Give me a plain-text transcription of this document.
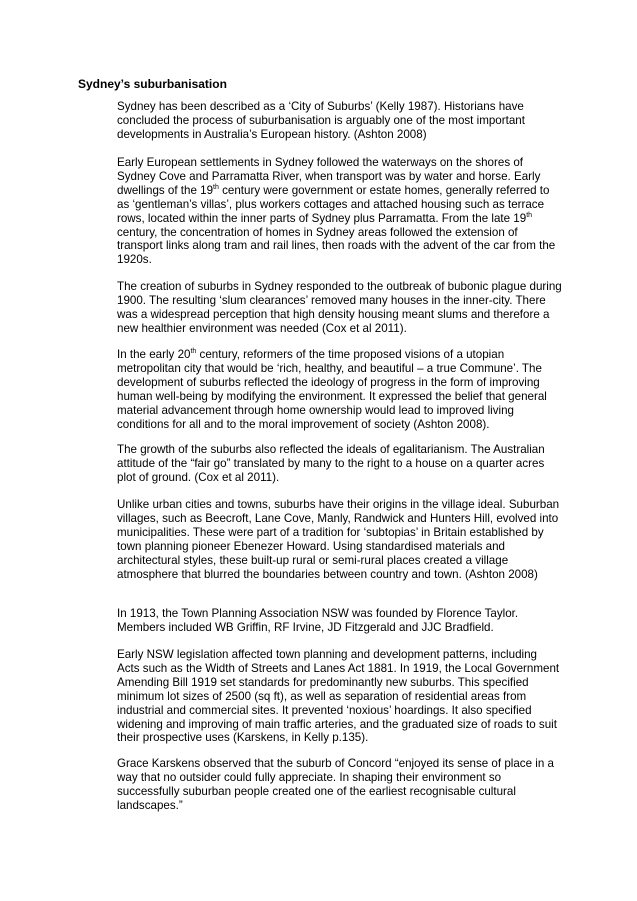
Sydney’s suburbanisation

Sydney has been described as a ‘City of Suburbs’ (Kelly 1987). Historians have concluded the process of suburbanisation is arguably one of the most important developments in Australia’s European history. (Ashton 2008)

Early European settlements in Sydney followed the waterways on the shores of Sydney Cove and Parramatta River, when transport was by water and horse. Early dwellings of the 19th century were government or estate homes, generally referred to as ‘gentleman’s villas’, plus workers cottages and attached housing such as terrace rows, located within the inner parts of Sydney plus Parramatta. From the late 19th century, the concentration of homes in Sydney areas followed the extension of transport links along tram and rail lines, then roads with the advent of the car from the 1920s.

The creation of suburbs in Sydney responded to the outbreak of bubonic plague during 1900. The resulting ‘slum clearances’ removed many houses in the inner-city. There was a widespread perception that high density housing meant slums and therefore a new healthier environment was needed (Cox et al 2011).

In the early 20th century, reformers of the time proposed visions of a utopian metropolitan city that would be ‘rich, healthy, and beautiful – a true Commune’. The development of suburbs reflected the ideology of progress in the form of improving human well-being by modifying the environment. It expressed the belief that general material advancement through home ownership would lead to improved living conditions for all and to the moral improvement of society (Ashton 2008).

The growth of the suburbs also reflected the ideals of egalitarianism. The Australian attitude of the “fair go” translated by many to the right to a house on a quarter acres plot of ground. (Cox et al 2011).

Unlike urban cities and towns, suburbs have their origins in the village ideal. Suburban villages, such as Beecroft, Lane Cove, Manly, Randwick and Hunters Hill, evolved into municipalities. These were part of a tradition for ‘subtopias’ in Britain established by town planning pioneer Ebenezer Howard. Using standardised materials and architectural styles, these built-up rural or semi-rural places created a village atmosphere that blurred the boundaries between country and town. (Ashton 2008)

In 1913, the Town Planning Association NSW was founded by Florence Taylor. Members included WB Griffin, RF Irvine, JD Fitzgerald and JJC Bradfield.

Early NSW legislation affected town planning and development patterns, including Acts such as the Width of Streets and Lanes Act 1881. In 1919, the Local Government Amending Bill 1919 set standards for predominantly new suburbs. This specified minimum lot sizes of 2500 (sq ft), as well as separation of residential areas from industrial and commercial sites. It prevented ‘noxious’ hoardings. It also specified widening and improving of main traffic arteries, and the graduated size of roads to suit their prospective uses (Karskens, in Kelly p.135).

Grace Karskens observed that the suburb of Concord “enjoyed its sense of place in a way that no outsider could fully appreciate. In shaping their environment so successfully suburban people created one of the earliest recognisable cultural landscapes.”
